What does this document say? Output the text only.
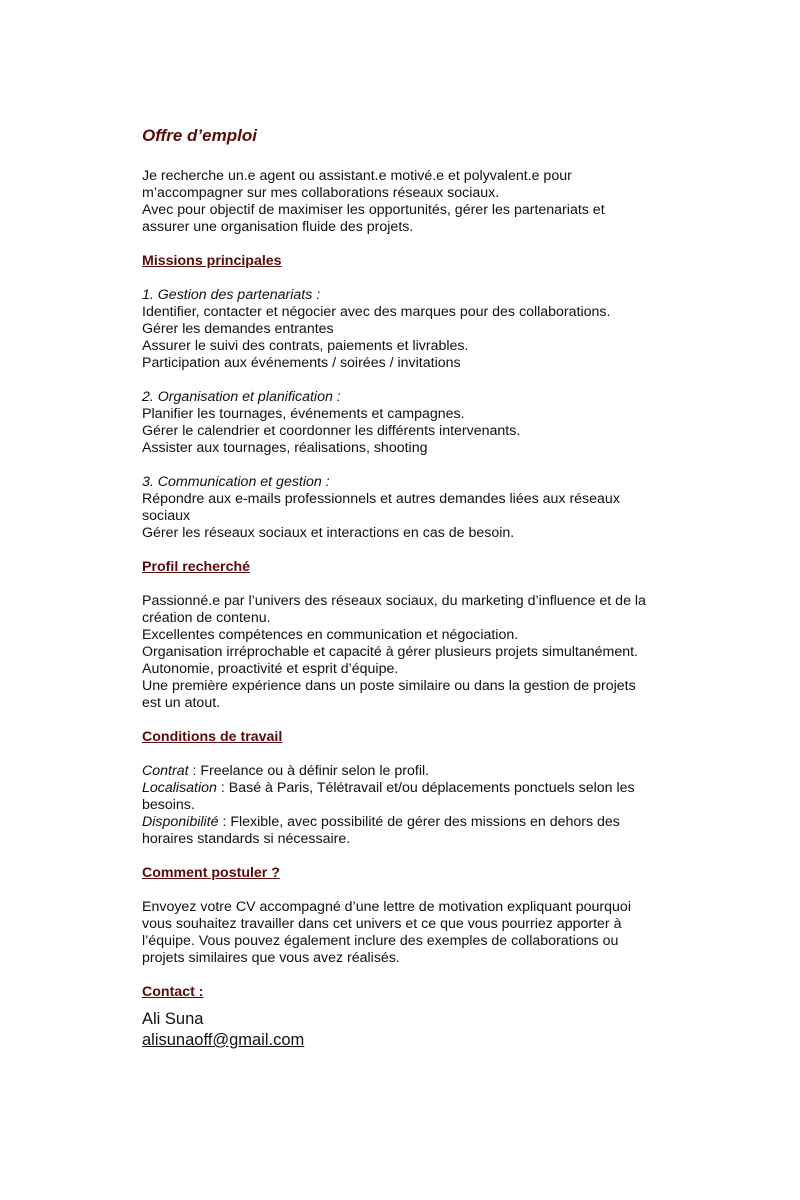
Offre d’emploi
Je recherche un.e agent ou assistant.e motivé.e et polyvalent.e pour
m’accompagner sur mes collaborations réseaux sociaux.
Avec pour objectif de maximiser les opportunités, gérer les partenariats et
assurer une organisation fluide des projets.
Missions principales
1. Gestion des partenariats :
Identifier, contacter et négocier avec des marques pour des collaborations.
Gérer les demandes entrantes
Assurer le suivi des contrats, paiements et livrables.
Participation aux événements / soirées / invitations
2. Organisation et planification :
Planifier les tournages, événements et campagnes.
Gérer le calendrier et coordonner les différents intervenants.
Assister aux tournages, réalisations, shooting
3. Communication et gestion :
Répondre aux e-mails professionnels et autres demandes liées aux réseaux
sociaux
Gérer les réseaux sociaux et interactions en cas de besoin.
Profil recherché
Passionné.e par l’univers des réseaux sociaux, du marketing d’influence et de la
création de contenu.
Excellentes compétences en communication et négociation.
Organisation irréprochable et capacité à gérer plusieurs projets simultanément.
Autonomie, proactivité et esprit d’équipe.
Une première expérience dans un poste similaire ou dans la gestion de projets
est un atout.
Conditions de travail
Contrat : Freelance ou à définir selon le profil.
Localisation : Basé à Paris, Télétravail et/ou déplacements ponctuels selon les
besoins.
Disponibilité : Flexible, avec possibilité de gérer des missions en dehors des
horaires standards si nécessaire.
Comment postuler ?
Envoyez votre CV accompagné d’une lettre de motivation expliquant pourquoi
vous souhaitez travailler dans cet univers et ce que vous pourriez apporter à
l’équipe. Vous pouvez également inclure des exemples de collaborations ou
projets similaires que vous avez réalisés.
Contact :
Ali Suna
alisunaoff@gmail.com
